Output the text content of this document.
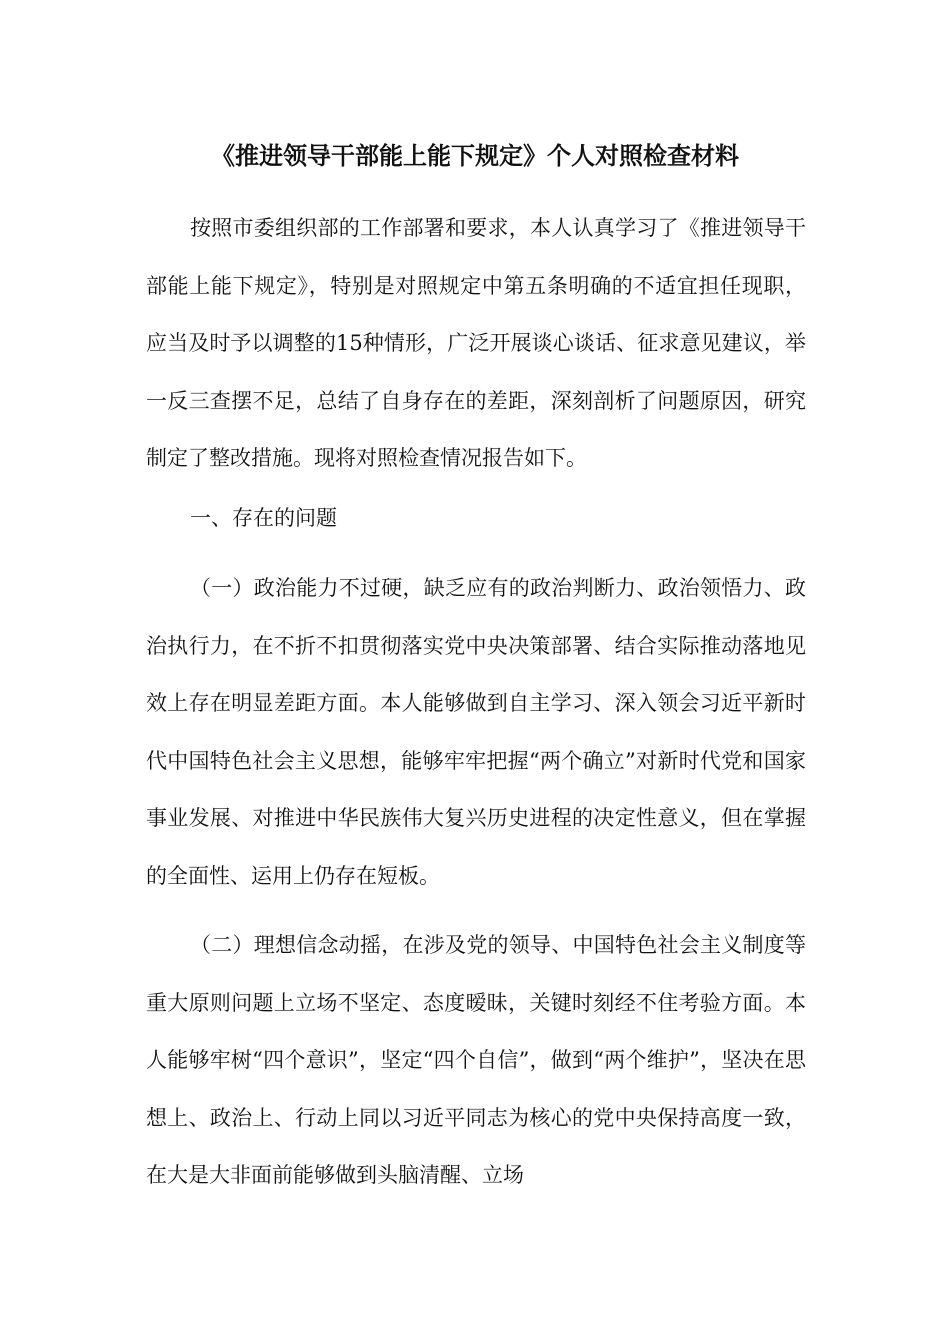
《推进领导干部能上能下规定》个人对照检查材料

按照市委组织部的工作部署和要求，本人认真学习了《推进领导干部能上能下规定》，特别是对照规定中第五条明确的不适宜担任现职，应当及时予以调整的15种情形，广泛开展谈心谈话、征求意见建议，举一反三查摆不足，总结了自身存在的差距，深刻剖析了问题原因，研究制定了整改措施。现将对照检查情况报告如下。

一、存在的问题

（一）政治能力不过硬，缺乏应有的政治判断力、政治领悟力、政治执行力，在不折不扣贯彻落实党中央决策部署、结合实际推动落地见效上存在明显差距方面。本人能够做到自主学习、深入领会习近平新时代中国特色社会主义思想，能够牢牢把握“两个确立”对新时代党和国家事业发展、对推进中华民族伟大复兴历史进程的决定性意义，但在掌握的全面性、运用上仍存在短板。

（二）理想信念动摇，在涉及党的领导、中国特色社会主义制度等重大原则问题上立场不坚定、态度暧昧，关键时刻经不住考验方面。本人能够牢树“四个意识”，坚定“四个自信”，做到“两个维护”，坚决在思想上、政治上、行动上同以习近平同志为核心的党中央保持高度一致，在大是大非面前能够做到头脑清醒、立场
